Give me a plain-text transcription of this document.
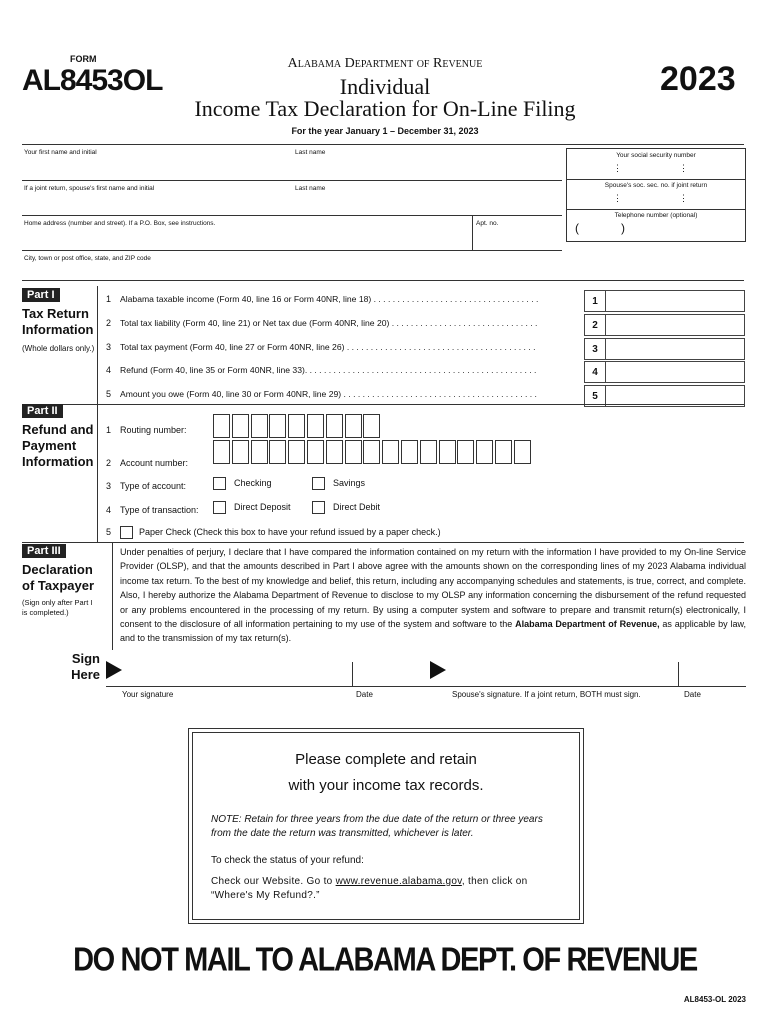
FORM
AL8453OL
Alabama Department of Revenue
Individual
Income Tax Declaration for On-Line Filing
2023
For the year January 1 – December 31, 2023
Your first name and initial	Last name
If a joint return, spouse's first name and initial	Last name
Home address (number and street). If a P.O. Box, see instructions.	Apt. no.
City, town or post office, state, and ZIP code
Your social security number
⋮	⋮
Spouse's soc. sec. no. if joint return
⋮	⋮
Telephone number (optional)
(	)
Part I
Tax Return Information
(Whole dollars only.)
1 Alabama taxable income (Form 40, line 16 or Form 40NR, line 18) . . . . . . . . . . . . . . . . . . . . . . . . . . . . . . . . . . .	1
2 Total tax liability (Form 40, line 21) or Net tax due (Form 40NR, line 20) . . . . . . . . . . . . . . . . . . . . . . . . . . . . . . .	2
3 Total tax payment (Form 40, line 27 or Form 40NR, line 26) . . . . . . . . . . . . . . . . . . . . . . . . . . . . . . . . . . . . . . . .	3
4 Refund (Form 40, line 35 or Form 40NR, line 33). . . . . . . . . . . . . . . . . . . . . . . . . . . . . . . . . . . . . . . . . . . . . . . . .	4
5 Amount you owe (Form 40, line 30 or Form 40NR, line 29) . . . . . . . . . . . . . . . . . . . . . . . . . . . . . . . . . . . . . . . . .	5
Part II
Refund and Payment Information
1 Routing number:
2 Account number:
3 Type of account:	Checking	Savings
4 Type of transaction:	Direct Deposit	Direct Debit
5	Paper Check (Check this box to have your refund issued by a paper check.)
Part III
Declaration of Taxpayer
(Sign only after Part I is completed.)
Under penalties of perjury, I declare that I have compared the information contained on my return with the information I have provided to my On-line Service Provider (OLSP), and that the amounts described in Part I above agree with the amounts shown on the corresponding lines of my 2023 Alabama individual income tax return. To the best of my knowledge and belief, this return, including any accompanying schedules and statements, is true, correct, and complete. Also, I hereby authorize the Alabama Department of Revenue to disclose to my OLSP any information concerning the disbursement of the refund requested or any problems encountered in the processing of my return. By using a computer system and software to prepare and transmit return(s) electronically, I consent to the disclosure of all information pertaining to my use of the system and software to the Alabama Department of Revenue, as applicable by law, and to the transmission of my tax return(s).
Sign Here
Your signature	Date	Spouse's signature. If a joint return, BOTH must sign.	Date
Please complete and retain
with your income tax records.
NOTE: Retain for three years from the due date of the return or three years from the date the return was transmitted, whichever is later.
To check the status of your refund:
Check our Website. Go to www.revenue.alabama.gov, then click on “Where's My Refund?.”
DO NOT MAIL TO ALABAMA DEPT. OF REVENUE
AL8453-OL 2023
